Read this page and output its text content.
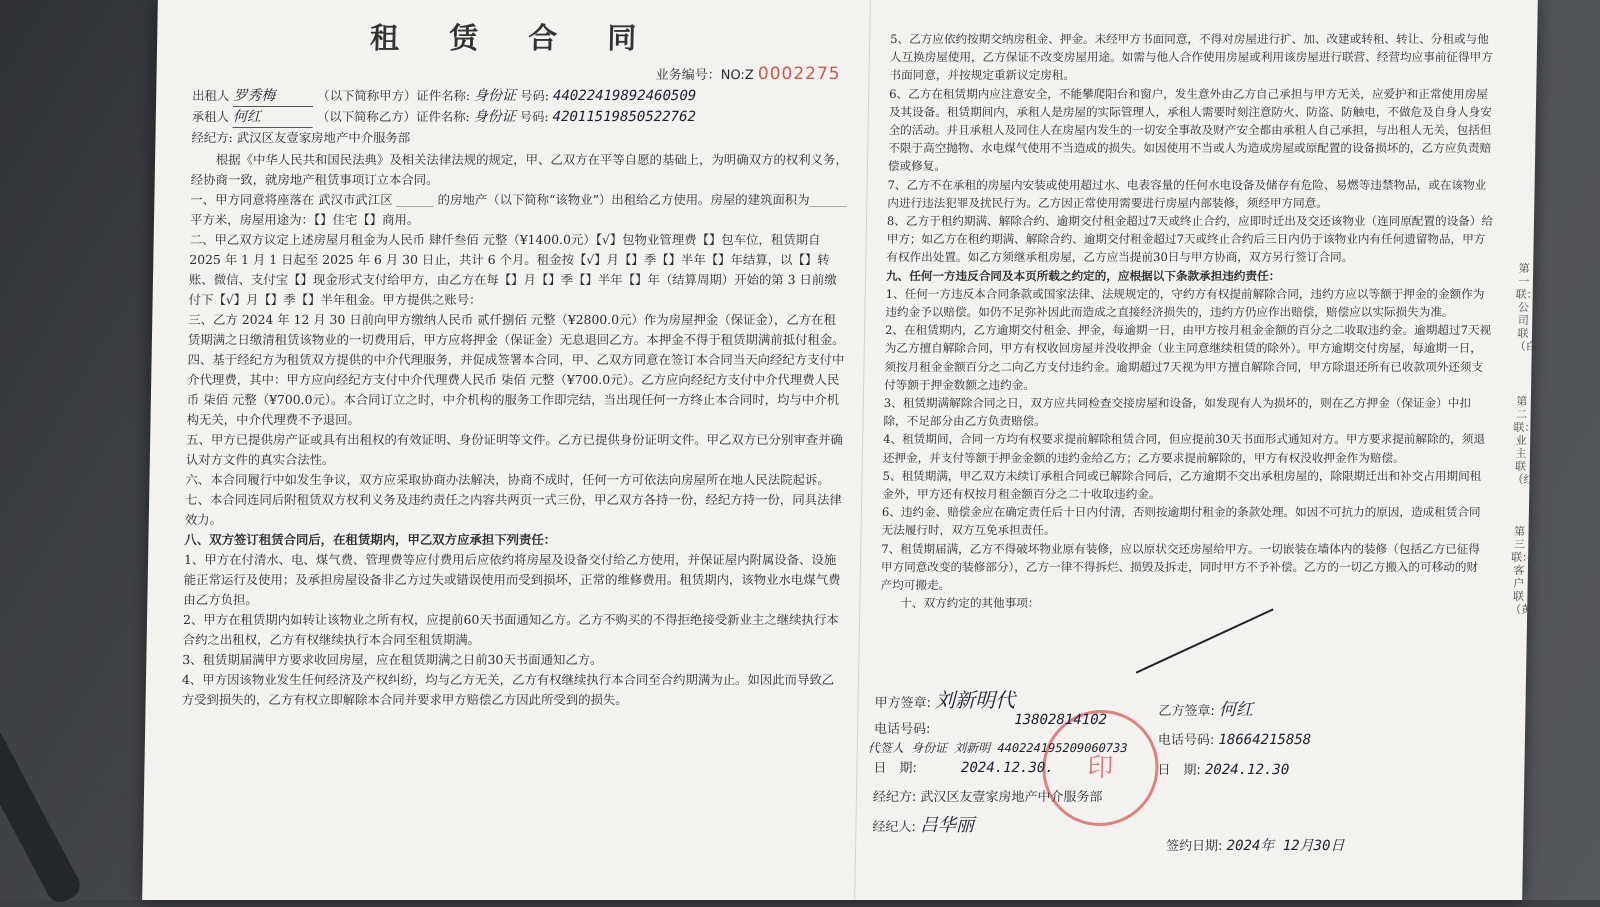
租 赁 合 同
业务编号：NO:Z 0002275
出租人 罗秀梅	（以下简称甲方）证件名称: 身份证 号码: 44022419892460509
承租人 何红	（以下简称乙方）证件名称: 身份证 号码: 42011519850522762
经纪方: 武汉区友壹家房地产中介服务部
根据《中华人民共和国民法典》及相关法律法规的规定，甲、乙双方在平等自愿的基础上，为明确双方的权利义务，经协商一致，就房地产租赁事项订立本合同。
一、甲方同意将座落在 武汉市武江区 ______ 的房地产（以下简称“该物业”）出租给乙方使用。房屋的建筑面积为______平方米，房屋用途为：【】住宅【】商用。
二、甲乙双方议定上述房屋月租金为人民币 肆仟叁佰 元整（¥1400.0元）【√】包物业管理费【】包车位，租赁期自 2025 年 1 月 1 日起至 2025 年 6 月 30 日止，共计 6 个月。租金按【√】月【】季【】半年【】年结算，以【】转账、微信、支付宝【】现金形式支付给甲方，由乙方在每【】月【】季【】半年【】年（结算周期）开始的第 3 日前缴付下【√】月【】季【】半年租金。甲方提供之账号：
三、乙方 2024 年 12 月 30 日前向甲方缴纳人民币 贰仟捌佰 元整（¥2800.0元）作为房屋押金（保证金），乙方在租赁期满之日缴清租赁该物业的一切费用后，甲方应将押金（保证金）无息退回乙方。本押金不得于租赁期满前抵付租金。
四、基于经纪方为租赁双方提供的中介代理服务，并促成签署本合同，甲、乙双方同意在签订本合同当天向经纪方支付中介代理费，其中：甲方应向经纪方支付中介代理费人民币 柒佰 元整（¥700.0元）。乙方应向经纪方支付中介代理费人民币 柒佰 元整（¥700.0元）。本合同订立之时，中介机构的服务工作即完结，当出现任何一方终止本合同时，均与中介机构无关，中介代理费不予退回。
五、甲方已提供房产证或具有出租权的有效证明、身份证明等文件。乙方已提供身份证明文件。甲乙双方已分别审查并确认对方文件的真实合法性。
六、本合同履行中如发生争议，双方应采取协商办法解决，协商不成时，任何一方可依法向房屋所在地人民法院起诉。
七、本合同连同后附租赁双方权利义务及违约责任之内容共两页一式三份，甲乙双方各持一份，经纪方持一份，同具法律效力。
八、双方签订租赁合同后，在租赁期内，甲乙双方应承担下列责任：
1、甲方在付清水、电、煤气费、管理费等应付费用后应依约将房屋及设备交付给乙方使用，并保证屋内附属设备、设施能正常运行及使用；及承担房屋设备非乙方过失或错误使用而受到损坏，正常的维修费用。租赁期内，该物业水电煤气费由乙方负担。
2、甲方在租赁期内如转让该物业之所有权，应提前60天书面通知乙方。乙方不购买的不得拒绝接受新业主之继续执行本合约之出租权，乙方有权继续执行本合同至租赁期满。
3、租赁期届满甲方要求收回房屋，应在租赁期满之日前30天书面通知乙方。
4、甲方因该物业发生任何经济及产权纠纷，均与乙方无关，乙方有权继续执行本合同至合约期满为止。如因此而导致乙方受到损失的，乙方有权立即解除本合同并要求甲方赔偿乙方因此所受到的损失。
5、乙方应依约按期交纳房租金、押金。未经甲方书面同意，不得对房屋进行扩、加、改建或转租、转让、分租或与他人互换房屋使用，乙方保证不改变房屋用途。如需与他人合作使用房屋或利用该房屋进行联营、经营均应事前征得甲方书面同意，并按规定重新议定房租。
6、乙方在租赁期内应注意安全，不能攀爬阳台和窗户，发生意外由乙方自己承担与甲方无关，应爱护和正常使用房屋及其设备。租赁期间内，承租人是房屋的实际管理人，承租人需要时刻注意防火、防盗、防触电，不做危及自身人身安全的活动。并且承租人及同住人在房屋内发生的一切安全事故及财产安全都由承租人自己承担，与出租人无关，包括但不限于高空抛物、水电煤气使用不当造成的损失。如因使用不当或人为造成房屋或原配置的设备损坏的，乙方应负责赔偿或修复。
7、乙方不在承租的房屋内安装或使用超过水、电表容量的任何水电设备及储存有危险、易燃等违禁物品，或在该物业内进行违法犯罪及扰民行为。乙方因正常使用需要进行房屋内部装修，须经甲方同意。
8、乙方于租约期满、解除合约、逾期交付租金超过7天或终止合约，应即时迁出及交还该物业（连同原配置的设备）给甲方；如乙方在租约期满、解除合约、逾期交付租金超过7天或终止合约后三日内仍于该物业内有任何遗留物品，甲方有权作出处置。如乙方须继承租房屋，乙方应当提前30日与甲方协商，双方另行签订合同。
九、任何一方违反合同及本页所载之约定的，应根据以下条款承担违约责任：
1、任何一方违反本合同条款或国家法律、法规规定的，守约方有权提前解除合同，违约方应以等额于押金的金额作为违约金予以赔偿。如仍不足弥补因此而造成之直接经济损失的，违约方仍应作出赔偿，赔偿应以实际损失为准。
2、在租赁期内，乙方逾期交付租金、押金，每逾期一日，由甲方按月租金金额的百分之二收取违约金。逾期超过7天视为乙方擅自解除合同，甲方有权收回房屋并没收押金（业主同意继续租赁的除外）。甲方逾期交付房屋，每逾期一日，须按月租金金额百分之二向乙方支付违约金。逾期超过7天视为甲方擅自解除合同，甲方除退还所有已收款项外还须支付等额于押金数额之违约金。
3、租赁期满解除合同之日，双方应共同检查交接房屋和设备，如发现有人为损坏的，则在乙方押金（保证金）中扣除，不足部分由乙方负责赔偿。
4、租赁期间，合同一方均有权要求提前解除租赁合同，但应提前30天书面形式通知对方。甲方要求提前解除的，须退还押金，并支付等额于押金金额的违约金给乙方；乙方要求提前解除的，甲方有权没收押金作为赔偿。
5、租赁期满，甲乙双方未续订承租合同或已解除合同后，乙方逾期不交出承租房屋的，除限期迁出和补交占用期间租金外，甲方还有权按月租金额百分之二十收取违约金。
6、违约金、赔偿金应在确定责任后十日内付清，否则按逾期付租金的条款处理。如因不可抗力的原因，造成租赁合同无法履行时，双方互免承担责任。
7、租赁期届满，乙方不得破坏物业原有装修，应以原状交还房屋给甲方。一切嵌装在墙体内的装修（包括乙方已征得甲方同意改变的装修部分），乙方一律不得拆烂、损毁及拆走，同时甲方不予补偿。乙方的一切乙方搬入的可移动的财产均可搬走。
十、双方约定的其他事项：
第一联：公司联（白）
第二联：业主联（红）
第三联：客户联（黄）
印
甲方签章: 刘新明代
13802814102
电话号码:
代签人 身份证 刘新明 440224195209060733
日　期:	2024.12.30.
乙方签章: 何红
电话号码: 18664215858
日　期: 2024.12.30
经纪方: 武汉区友壹家房地产中介服务部
经纪人: 吕华丽
签约日期: 2024年 12月30日
